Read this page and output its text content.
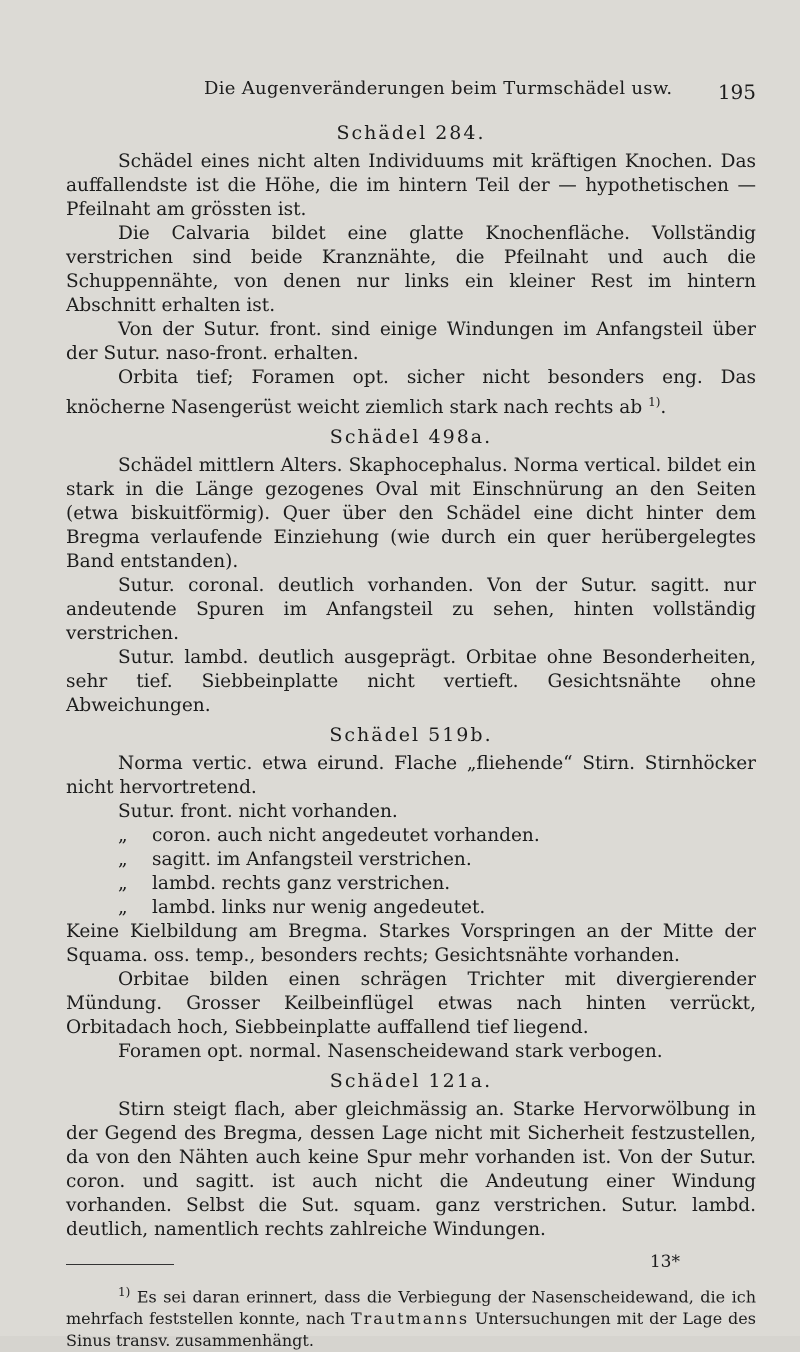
Die Augenveränderungen beim Turmschädel usw. 195
Schädel 284.

Schädel eines nicht alten Individuums mit kräftigen Knochen. Das auffallendste ist die Höhe, die im hintern Teil der — hypothetischen — Pfeilnaht am grössten ist.

Die Calvaria bildet eine glatte Knochenfläche. Vollständig verstrichen sind beide Kranznähte, die Pfeilnaht und auch die Schuppennähte, von denen nur links ein kleiner Rest im hintern Abschnitt erhalten ist.

Von der Sutur. front. sind einige Windungen im Anfangsteil über der Sutur. naso-front. erhalten.

Orbita tief; Foramen opt. sicher nicht besonders eng. Das knöcherne Nasengerüst weicht ziemlich stark nach rechts ab $^{1)}$.

Schädel 498a.

Schädel mittlern Alters. Skaphocephalus. Norma vertical. bildet ein stark in die Länge gezogenes Oval mit Einschnürung an den Seiten (etwa biskuitförmig). Quer über den Schädel eine dicht hinter dem Bregma verlaufende Einziehung (wie durch ein quer herübergelegtes Band entstanden).

Sutur. coronal. deutlich vorhanden. Von der Sutur. sagitt. nur andeutende Spuren im Anfangsteil zu sehen, hinten vollständig verstrichen.

Sutur. lambd. deutlich ausgeprägt. Orbitae ohne Besonderheiten, sehr tief. Siebbeinplatte nicht vertieft. Gesichtsnähte ohne Abweichungen.

Schädel 519b.

Norma vertic. etwa eirund. Flache „fliehende“ Stirn. Stirnhöcker nicht hervortretend.

Sutur. front. nicht vorhanden.
„ coron. auch nicht angedeutet vorhanden.
„ sagitt. im Anfangsteil verstrichen.
„ lambd. rechts ganz verstrichen.
„ lambd. links nur wenig angedeutet.

Keine Kielbildung am Bregma. Starkes Vorspringen an der Mitte der Squama. oss. temp., besonders rechts; Gesichtsnähte vorhanden.

Orbitae bilden einen schrägen Trichter mit divergierender Mündung. Grosser Keilbeinflügel etwas nach hinten verrückt, Orbitadach hoch, Siebbeinplatte auffallend tief liegend.

Foramen opt. normal. Nasenscheidewand stark verbogen.

Schädel 121a.

Stirn steigt flach, aber gleichmässig an. Starke Hervorwölbung in der Gegend des Bregma, dessen Lage nicht mit Sicherheit festzustellen, da von den Nähten auch keine Spur mehr vorhanden ist. Von der Sutur. coron. und sagitt. ist auch nicht die Andeutung einer Windung vorhanden. Selbst die Sut. squam. ganz verstrichen. Sutur. lambd. deutlich, namentlich rechts zahlreiche Windungen.

$^{1)}$ Es sei daran erinnert, dass die Verbiegung der Nasenscheidewand, die ich mehrfach feststellen konnte, nach Trautmanns Untersuchungen mit der Lage des Sinus transv. zusammenhängt.

13*
